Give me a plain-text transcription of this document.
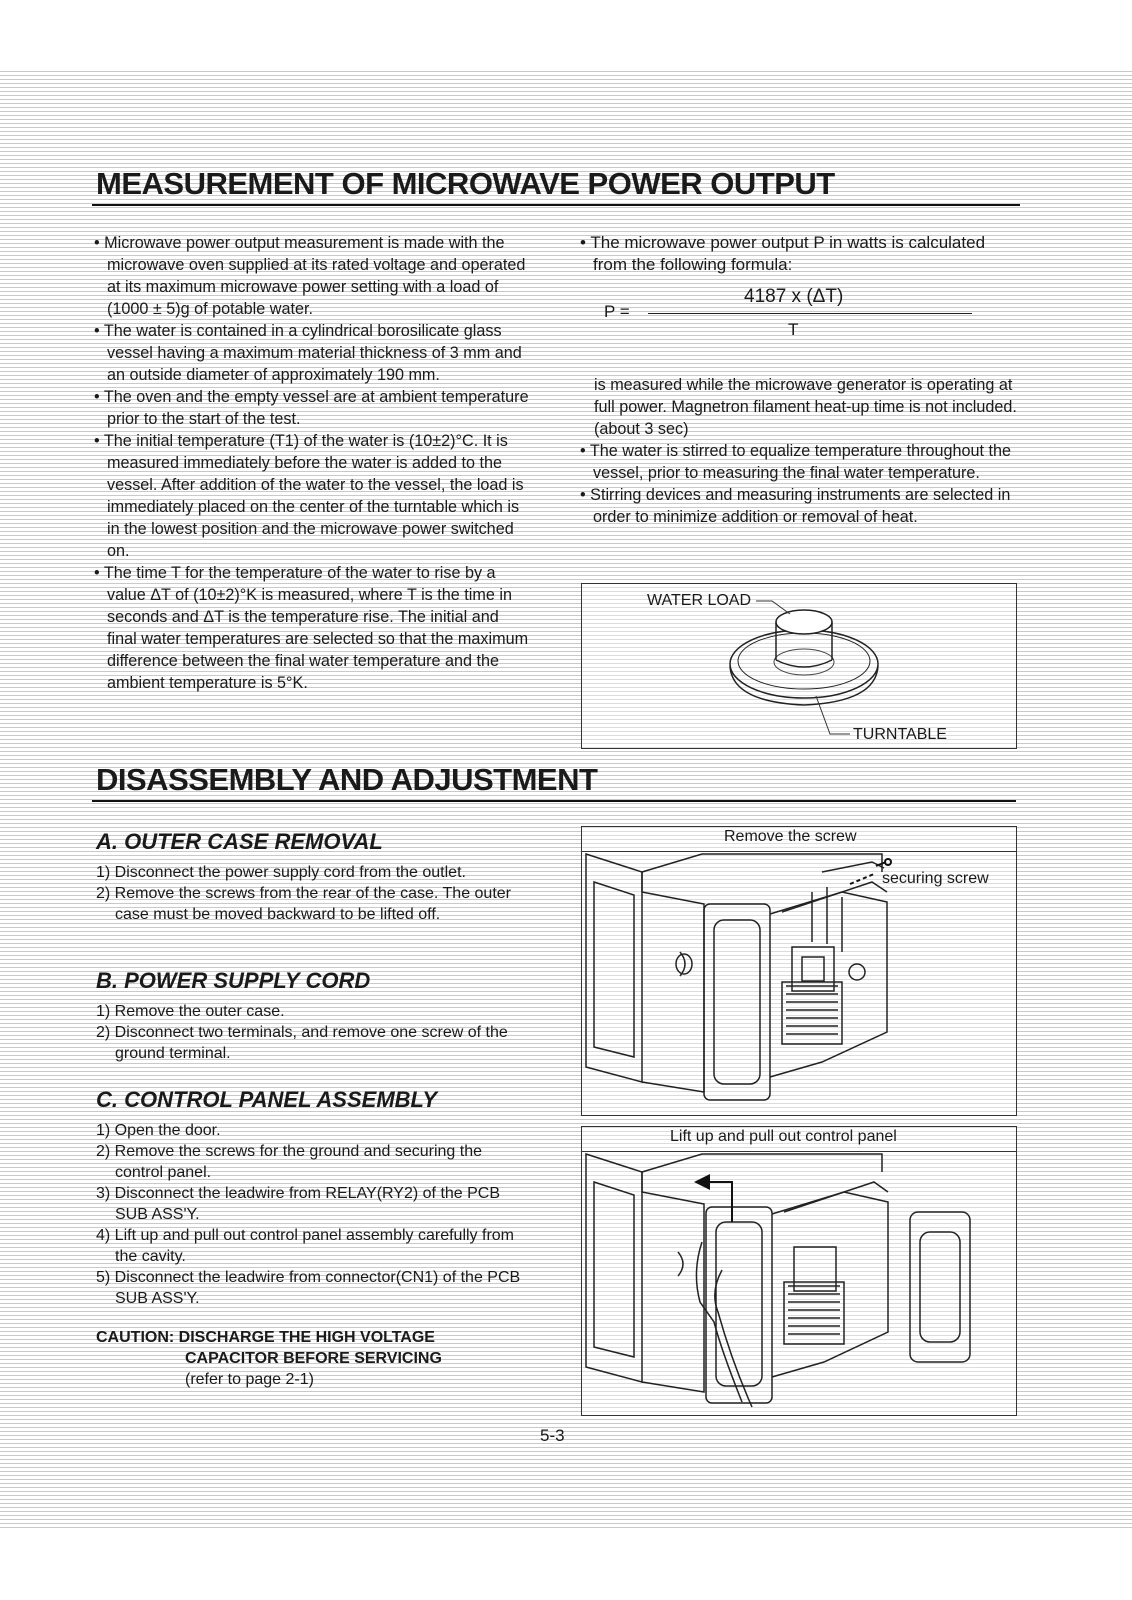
MEASUREMENT OF MICROWAVE POWER OUTPUT
• Microwave power output measurement is made with the microwave oven supplied at its rated voltage and operated at its maximum microwave power setting with a load of (1000 ± 5)g of potable water.
• The water is contained in a cylindrical borosilicate glass vessel having a maximum material thickness of 3 mm and an outside diameter of approximately 190 mm.
• The oven and the empty vessel are at ambient temperature prior to the start of the test.
• The initial temperature (T1) of the water is (10±2)°C. It is measured immediately before the water is added to the vessel. After addition of the water to the vessel, the load is immediately placed on the center of the turntable which is in the lowest position and the microwave power switched on.
• The time T for the temperature of the water to rise by a value ΔT of (10±2)°K is measured, where T is the time in seconds and ΔT is the temperature rise. The initial and final water temperatures are selected so that the maximum difference between the final water temperature and the ambient temperature is 5°K.
• The microwave power output P in watts is calculated from the following formula:
P =
4187 x (ΔT)
T
is measured while the microwave generator is operating at full power. Magnetron filament heat-up time is not included. (about 3 sec)
• The water is stirred to equalize temperature throughout the vessel, prior to measuring the final water temperature.
• Stirring devices and measuring instruments are selected in order to minimize addition or removal of heat.
WATER LOAD
TURNTABLE
DISASSEMBLY AND ADJUSTMENT
A. OUTER CASE REMOVAL
1) Disconnect the power supply cord from the outlet.
2) Remove the screws from the rear of the case. The outer case must be moved backward to be lifted off.
B. POWER SUPPLY CORD
1) Remove the outer case.
2) Disconnect two terminals, and remove one screw of the ground terminal.
C. CONTROL PANEL ASSEMBLY
1) Open the door.
2) Remove the screws for the ground and securing the control panel.
3) Disconnect the leadwire from RELAY(RY2) of the PCB SUB ASS'Y.
4) Lift up and pull out control panel assembly carefully from the cavity.
5) Disconnect the leadwire from connector(CN1) of the PCB SUB ASS'Y.
CAUTION: DISCHARGE THE HIGH VOLTAGE
CAPACITOR BEFORE SERVICING
(refer to page 2-1)
Remove the screw
securing screw
Lift up and pull out control panel
5-3
